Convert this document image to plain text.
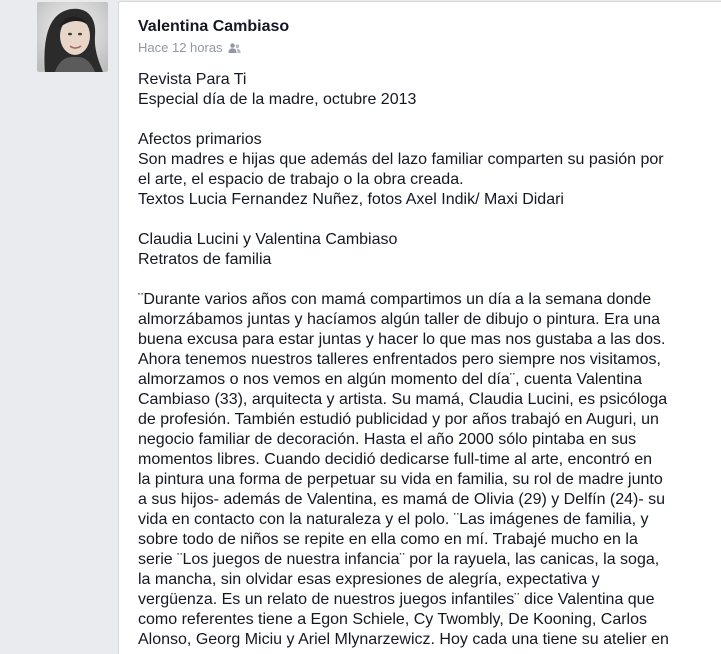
Valentina Cambiaso
Hace 12 horas
Revista Para Ti
Especial día de la madre, octubre 2013
Afectos primarios
Son madres e hijas que además del lazo familiar comparten su pasión por
el arte, el espacio de trabajo o la obra creada.
Textos Lucia Fernandez Nuñez, fotos Axel Indik/ Maxi Didari
Claudia Lucini y Valentina Cambiaso
Retratos de familia
¨Durante varios años con mamá compartimos un día a la semana donde
almorzábamos juntas y hacíamos algún taller de dibujo o pintura. Era una
buena excusa para estar juntas y hacer lo que mas nos gustaba a las dos.
Ahora tenemos nuestros talleres enfrentados pero siempre nos visitamos,
almorzamos o nos vemos en algún momento del día¨, cuenta Valentina
Cambiaso (33), arquitecta y artista. Su mamá, Claudia Lucini, es psicóloga
de profesión. También estudió publicidad y por años trabajó en Auguri, un
negocio familiar de decoración. Hasta el año 2000 sólo pintaba en sus
momentos libres. Cuando decidió dedicarse full-time al arte, encontró en
la pintura una forma de perpetuar su vida en familia, su rol de madre junto
a sus hijos- además de Valentina, es mamá de Olivia (29) y Delfín (24)- su
vida en contacto con la naturaleza y el polo. ¨Las imágenes de familia, y
sobre todo de niños se repite en ella como en mí. Trabajé mucho en la
serie ¨Los juegos de nuestra infancia¨ por la rayuela, las canicas, la soga,
la mancha, sin olvidar esas expresiones de alegría, expectativa y
vergüenza. Es un relato de nuestros juegos infantiles¨ dice Valentina que
como referentes tiene a Egon Schiele, Cy Twombly, De Kooning, Carlos
Alonso, Georg Miciu y Ariel Mlynarzewicz. Hoy cada una tiene su atelier en
